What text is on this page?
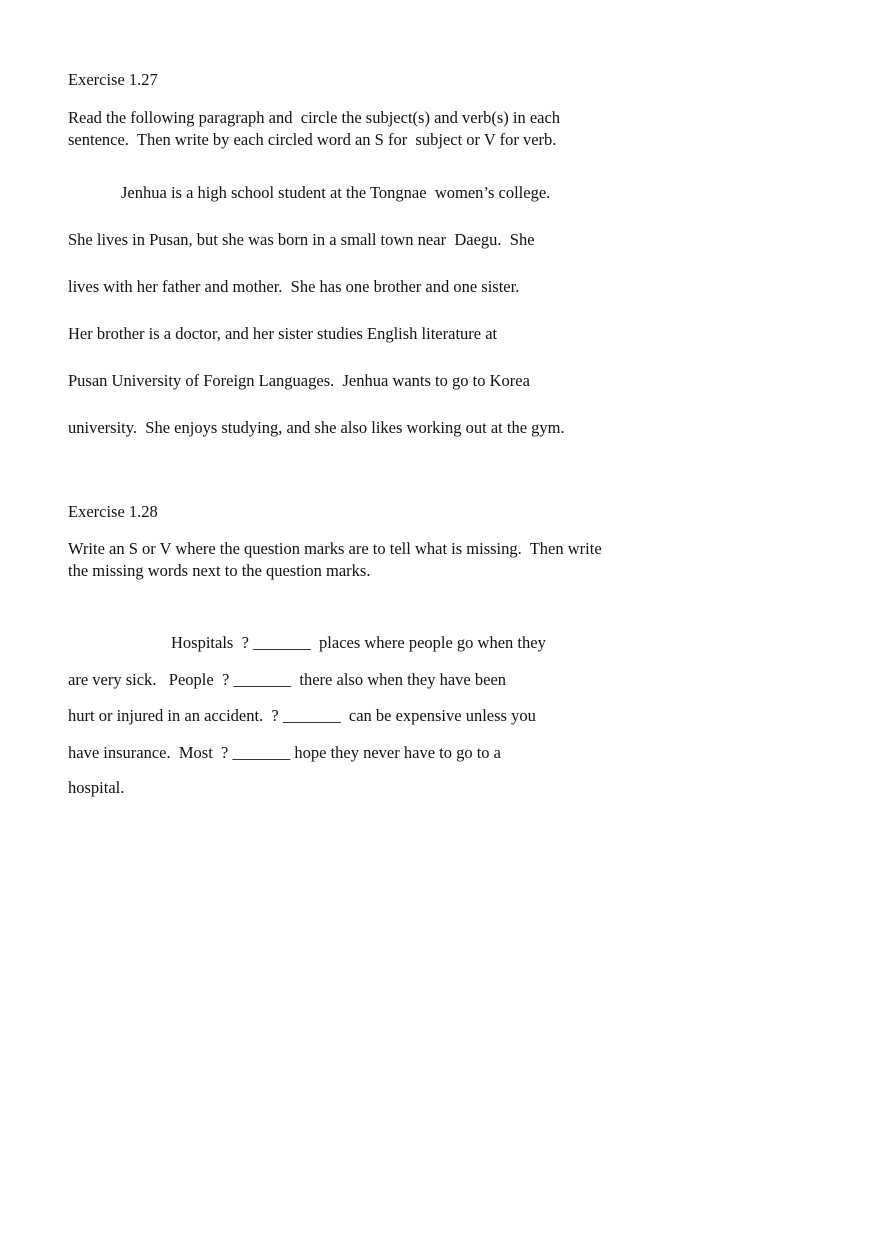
Exercise 1.27

Read the following paragraph and  circle the subject(s) and verb(s) in each

sentence.  Then write by each circled word an S for  subject or V for verb.

Jenhua is a high school student at the Tongnae  women’s college.

She lives in Pusan, but she was born in a small town near  Daegu.  She

lives with her father and mother.  She has one brother and one sister.

Her brother is a doctor, and her sister studies English literature at

Pusan University of Foreign Languages.  Jenhua wants to go to Korea

university.  She enjoys studying, and she also likes working out at the gym.

Exercise 1.28

Write an S or V where the question marks are to tell what is missing.  Then write

the missing words next to the question marks.

Hospitals  ? _______  places where people go when they

are very sick.   People  ? _______  there also when they have been

hurt or injured in an accident.  ? _______  can be expensive unless you

have insurance.  Most  ? _______ hope they never have to go to a

hospital.
